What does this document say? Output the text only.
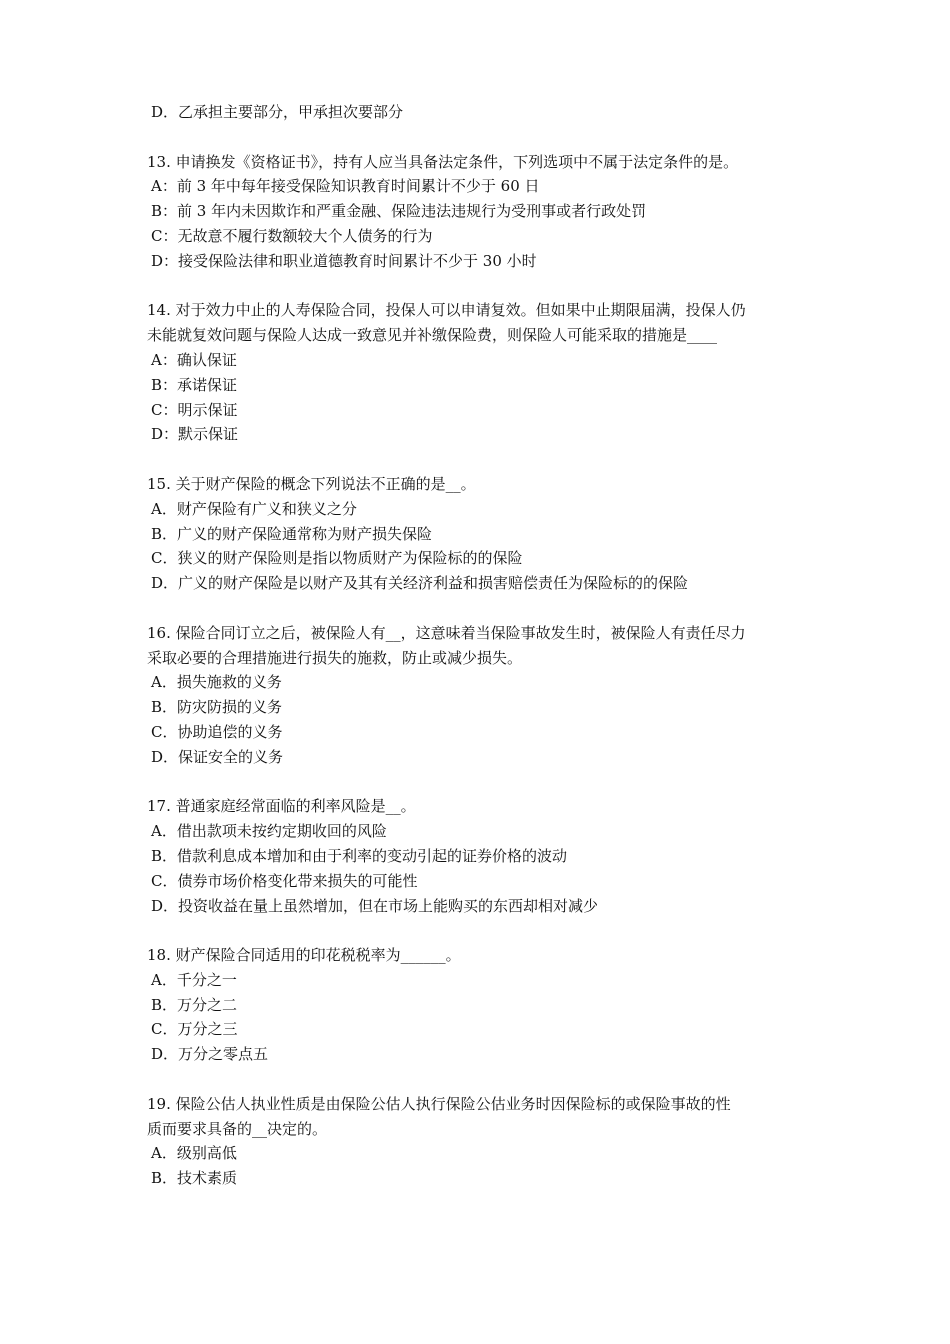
D．乙承担主要部分，甲承担次要部分
13. 申请换发《资格证书》，持有人应当具备法定条件，下列选项中不属于法定条件的是。
A：前 3 年中每年接受保险知识教育时间累计不少于 60 日
B：前 3 年内未因欺诈和严重金融、保险违法违规行为受刑事或者行政处罚
C：无故意不履行数额较大个人债务的行为
D：接受保险法律和职业道德教育时间累计不少于 30 小时
14. 对于效力中止的人寿保险合同，投保人可以申请复效。但如果中止期限届满，投保人仍
未能就复效问题与保险人达成一致意见并补缴保险费，则保险人可能采取的措施是____
A：确认保证
B：承诺保证
C：明示保证
D：默示保证
15. 关于财产保险的概念下列说法不正确的是__。
A．财产保险有广义和狭义之分
B．广义的财产保险通常称为财产损失保险
C．狭义的财产保险则是指以物质财产为保险标的的保险
D．广义的财产保险是以财产及其有关经济利益和损害赔偿责任为保险标的的保险
16. 保险合同订立之后，被保险人有__，这意味着当保险事故发生时，被保险人有责任尽力
采取必要的合理措施进行损失的施救，防止或减少损失。
A．损失施救的义务
B．防灾防损的义务
C．协助追偿的义务
D．保证安全的义务
17. 普通家庭经常面临的利率风险是__。
A．借出款项未按约定期收回的风险
B．借款利息成本增加和由于利率的变动引起的证券价格的波动
C．债券市场价格变化带来损失的可能性
D．投资收益在量上虽然增加，但在市场上能购买的东西却相对减少
18. 财产保险合同适用的印花税税率为______。
A．千分之一
B．万分之二
C．万分之三
D．万分之零点五
19. 保险公估人执业性质是由保险公估人执行保险公估业务时因保险标的或保险事故的性
质而要求具备的__决定的。
A．级别高低
B．技术素质
